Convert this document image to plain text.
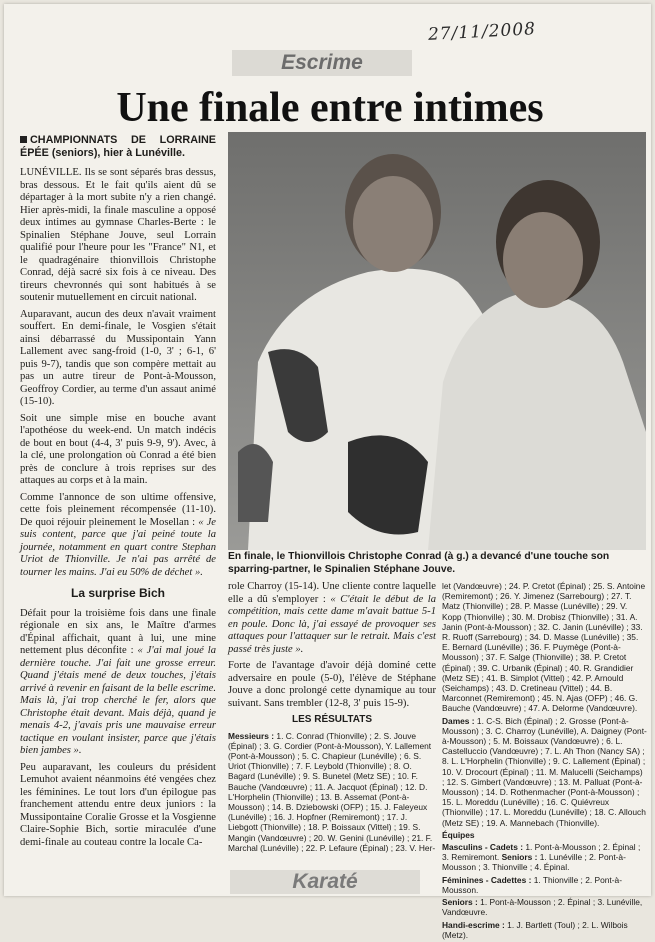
27/11/2008
Escrime
Une finale entre intimes
CHAMPIONNATS DE LORRAINE ÉPÉE (seniors), hier à Lunéville.

LUNÉVILLE. Ils se sont séparés bras dessus, bras dessous. Et le fait qu'ils aient dû se départager à la mort subite n'y a rien changé. Hier après-midi, la finale masculine a opposé deux intimes au gymnase Charles-Berte : le Spinalien Stéphane Jouve, seul Lorrain qualifié pour l'heure pour les "France" N1, et le quadragénaire thionvillois Christophe Conrad, déjà sacré six fois à ce niveau. Des tireurs chevronnés qui sont habitués à se soutenir mutuellement en circuit national.

Auparavant, aucun des deux n'avait vraiment souffert. En demi-finale, le Vosgien s'était ainsi débarrassé du Mussipontain Yann Lallement avec sang-froid (1-0, 3' ; 6-1, 6' puis 9-7), tandis que son compère mettait au pas un autre tireur de Pont-à-Mousson, Geoffroy Cordier, au terme d'un assaut animé (15-10).

Soit une simple mise en bouche avant l'apothéose du week-end. Un match indécis de bout en bout (4-4, 3' puis 9-9, 9'). Avec, à la clé, une prolongation où Conrad a été bien près de conclure à trois reprises sur des attaques au corps et à la main.

Comme l'annonce de son ultime offensive, cette fois pleinement récompensée (11-10). De quoi réjouir pleinement le Mosellan : « Je suis content, parce que j'ai peiné toute la journée, notamment en quart contre Stephan Uriot de Thionville. Je n'ai pas arrêté de tourner les mains. J'ai eu 50% de déchet ».

La surprise Bich

Défait pour la troisième fois dans une finale régionale en six ans, le Maître d'armes d'Épinal affichait, quant à lui, une mine nettement plus déconfite : « J'ai mal joué la dernière touche. J'ai fait une grosse erreur. Quand j'étais mené de deux touches, j'étais arrivé à revenir en faisant de la belle escrime. Mais là, j'ai trop cherché le fer, alors que Christophe était devant. Mais déjà, quand je menais 4-2, j'avais pris une mauvaise erreur tactique en voulant insister, parce que j'étais bien jambes ».

Peu auparavant, les couleurs du président Lemuhot avaient néanmoins été vengées chez les féminines. Le tout lors d'un épilogue pas franchement attendu entre deux juniors : la Mussipontaine Coralie Grosse et la Vosgienne Claire-Sophie Bich, sortie miraculée d'une demi-finale au couteau contre la locale Ca-

En finale, le Thionvillois Christophe Conrad (à g.) a devancé d'une touche son sparring-partner, le Spinalien Stéphane Jouve.

role Charroy (15-14). Une cliente contre laquelle elle a dû s'employer : « C'était le début de la compétition, mais cette dame m'avait battue 5-1 en poule. Donc là, j'ai essayé de provoquer ses attaques pour l'attaquer sur le retrait. Mais c'est passé très juste ».

Forte de l'avantage d'avoir déjà dominé cette adversaire en poule (5-0), l'élève de Stéphane Jouve a donc prolongé cette dynamique au tour suivant. Sans trembler (12-8, 3' puis 15-9).

LES RÉSULTATS
Messieurs : 1. C. Conrad (Thionville) ; 2. S. Jouve (Épinal) ; 3. G. Cordier (Pont-à-Mousson), Y. Lallement (Pont-à-Mousson) ; 5. C. Chapieur (Lunéville) ; 6. S. Uriot (Thionville) ; 7. F. Leybold (Thionville) ; 8. O. Bagard (Lunéville) ; 9. S. Bunetel (Metz SE) ; 10. F. Bauche (Vandœuvre) ; 11. A. Jacquot (Épinal) ; 12. D. L'Horphelin (Thionville) ; 13. B. Assemat (Pont-à-Mousson) ; 14. B. Dziebowski (OFP) ; 15. J. Faleyeux (Lunéville) ; 16. J. Hopfner (Remiremont) ; 17. J. Liebgott (Thionville) ; 18. P. Boissaux (Vittel) ; 19. S. Mangin (Vandœuvre) ; 20. W. Genini (Lunéville) ; 21. F. Marchal (Lunéville) ; 22. P. Lefaure (Épinal) ; 23. V. Her-

let (Vandœuvre) ; 24. P. Cretot (Épinal) ; 25. S. Antoine (Remiremont) ; 26. Y. Jimenez (Sarrebourg) ; 27. T. Matz (Thionville) ; 28. P. Masse (Lunéville) ; 29. V. Kopp (Thionville) ; 30. M. Drobisz (Thionville) ; 31. A. Janin (Pont-à-Mousson) ; 32. C. Janin (Lunéville) ; 33. R. Ruoff (Sarrebourg) ; 34. D. Masse (Lunéville) ; 35. E. Bernard (Lunéville) ; 36. F. Puymège (Pont-à-Mousson) ; 37. F. Salge (Thionville) ; 38. P. Cretot (Épinal) ; 39. C. Urbanik (Épinal) ; 40. R. Grandidier (Metz SE) ; 41. B. Simplot (Vittel) ; 42. P. Arnould (Seichamps) ; 43. D. Cretineau (Vittel) ; 44. B. Marconnet (Remiremont) ; 45. N. Ajas (OFP) ; 46. G. Bauche (Vandœuvre) ; 47. A. Delorme (Vandœuvre).

Dames : 1. C-S. Bich (Épinal) ; 2. Grosse (Pont-à-Mousson) ; 3. C. Charroy (Lunéville), A. Daigney (Pont-à-Mousson) ; 5. M. Boissaux (Vandœuvre) ; 6. L. Castelluccio (Vandœuvre) ; 7. L. Ah Thon (Nancy SA) ; 8. L. L'Horphelin (Thionville) ; 9. C. Lallement (Épinal) ; 10. V. Drocourt (Épinal) ; 11. M. Malucelli (Seichamps) ; 12. S. Gimbert (Vandœuvre) ; 13. M. Palluat (Pont-à-Mousson) ; 14. D. Rothenmacher (Pont-à-Mousson) ; 15. L. Moreddu (Lunéville) ; 16. C. Quiévreux (Thionville) ; 17. L. Moreddu (Lunéville) ; 18. C. Allouch (Metz SE) ; 19. A. Mannebach (Thionville).

Équipes

Masculins - Cadets : 1. Pont-à-Mousson ; 2. Épinal ; 3. Remiremont. Seniors : 1. Lunéville ; 2. Pont-à-Mousson ; 3. Thionville ; 4. Épinal.

Féminines - Cadettes : 1. Thionville ; 2. Pont-à-Mousson.

Seniors : 1. Pont-à-Mousson ; 2. Épinal ; 3. Lunéville, Vandœuvre.

Handi-escrime : 1. J. Bartlett (Toul) ; 2. L. Wilbois (Metz).

Karaté
